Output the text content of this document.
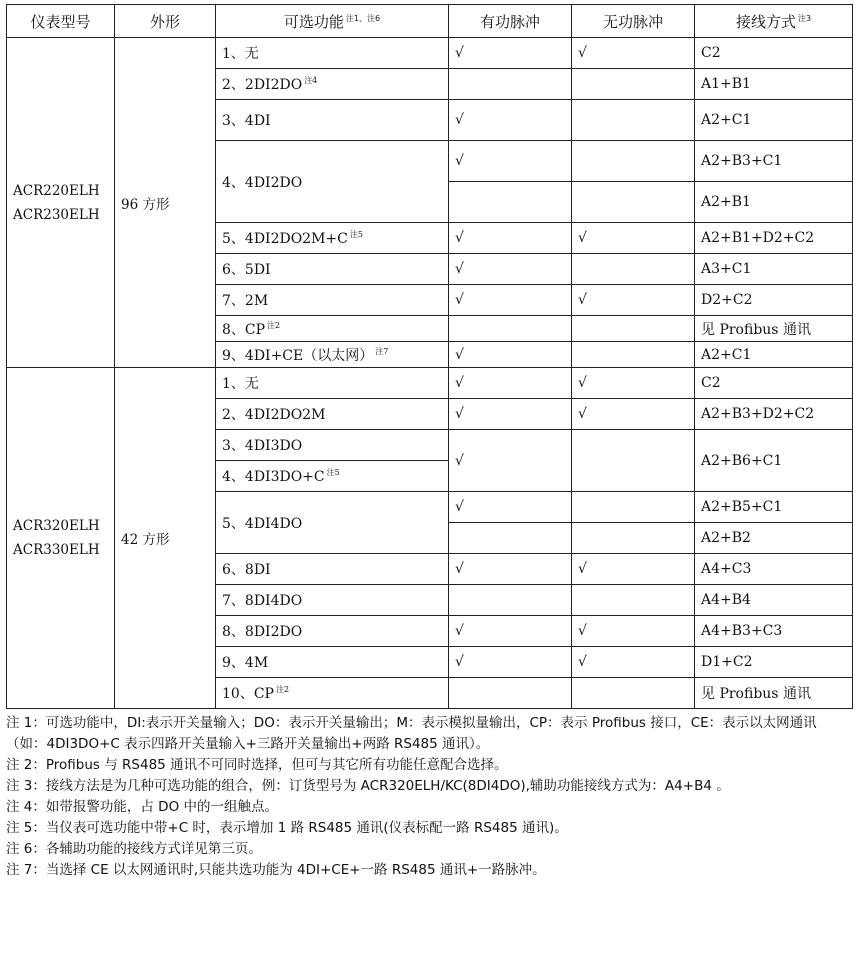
仪表型号	外形	可选功能 $^{注1、注6}$	有功脉冲	无功脉冲	接线方式 $^{注3}$

ACR220ELH
ACR230ELH	96 方形	1、无	√	√	C2
		2、2DI2DO $^{注4}$			A1+B1
		3、4DI	√		A2+C1
		4、4DI2DO	√		A2+B3+C1
					A2+B1
		5、4DI2DO2M+C $^{注5}$	√	√	A2+B1+D2+C2
		6、5DI	√		A3+C1
		7、2M	√	√	D2+C2
		8、CP $^{注2}$			见 Profibus 通讯
		9、4DI+CE（以太网） $^{注7}$	√		A2+C1

ACR320ELH
ACR330ELH	42 方形	1、无	√	√	C2
		2、4DI2DO2M	√	√	A2+B3+D2+C2
		3、4DI3DO	√		A2+B6+C1
		4、4DI3DO+C $^{注5}$
		5、4DI4DO	√		A2+B5+C1
					A2+B2
		6、8DI	√	√	A4+C3
		7、8DI4DO			A4+B4
		8、8DI2DO	√	√	A4+B3+C3
		9、4M	√	√	D1+C2
		10、CP $^{注2}$			见 Profibus 通讯

注 1：可选功能中，DI:表示开关量输入；DO：表示开关量输出；M：表示模拟量输出，CP：表示 Profibus 接口，CE：表示以太网通讯（如：4DI3DO+C 表示四路开关量输入+三路开关量输出+两路 RS485 通讯）。

注 2：Profibus 与 RS485 通讯不可同时选择，但可与其它所有功能任意配合选择。

注 3：接线方法是为几种可选功能的组合，例：订货型号为 ACR320ELH/KC(8DI4DO),辅助功能接线方式为：A4+B4 。

注 4：如带报警功能，占 DO 中的一组触点。

注 5：当仪表可选功能中带+C 时，表示增加 1 路 RS485 通讯(仪表标配一路 RS485 通讯)。

注 6：各辅助功能的接线方式详见第三页。

注 7：当选择 CE 以太网通讯时,只能共选功能为 4DI+CE+一路 RS485 通讯+一路脉冲。
